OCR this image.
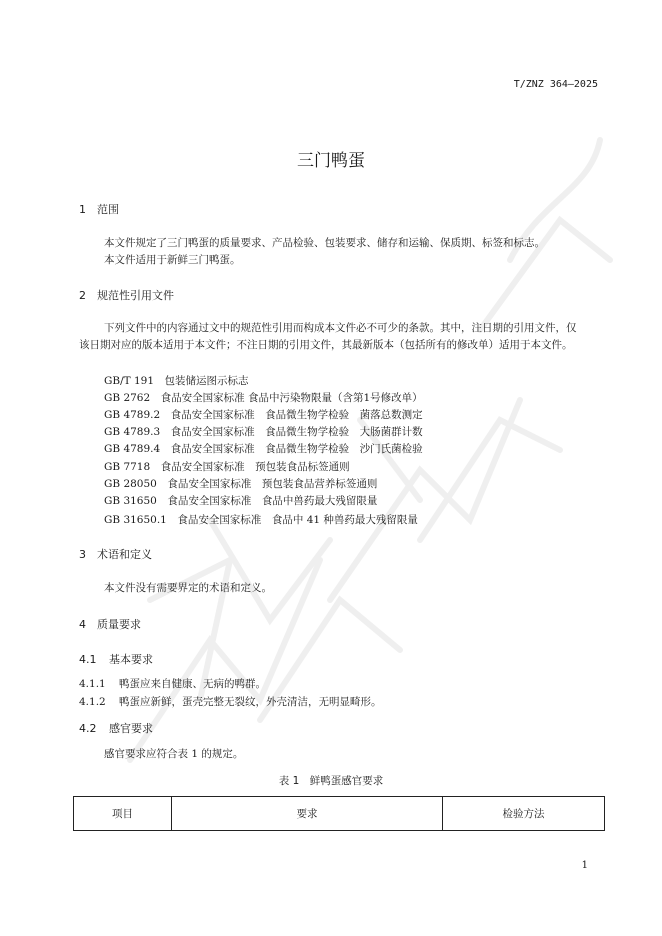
T/ZNZ 364—2025
三门鸭蛋
1 范围
本文件规定了三门鸭蛋的质量要求、产品检验、包装要求、储存和运输、保质期、标签和标志。
本文件适用于新鲜三门鸭蛋。
2 规范性引用文件
下列文件中的内容通过文中的规范性引用而构成本文件必不可少的条款。其中，注日期的引用文件，仅该日期对应的版本适用于本文件；不注日期的引用文件，其最新版本（包括所有的修改单）适用于本文件。
GB/T 191　包装储运图示标志
GB 2762　食品安全国家标准 食品中污染物限量（含第1号修改单）
GB 4789.2　食品安全国家标准　食品微生物学检验　菌落总数测定
GB 4789.3　食品安全国家标准　食品微生物学检验　大肠菌群计数
GB 4789.4　食品安全国家标准　食品微生物学检验　沙门氏菌检验
GB 7718　食品安全国家标准　预包装食品标签通则
GB 28050　食品安全国家标准　预包装食品营养标签通则
GB 31650　食品安全国家标准　食品中兽药最大残留限量
GB 31650.1　食品安全国家标准　食品中 41 种兽药最大残留限量
3 术语和定义
本文件没有需要界定的术语和定义。
4 质量要求
4.1 基本要求
4.1.1 鸭蛋应来自健康、无病的鸭群。
4.1.2 鸭蛋应新鲜，蛋壳完整无裂纹，外壳清洁，无明显畸形。
4.2 感官要求
感官要求应符合表 1 的规定。
表 1　鲜鸭蛋感官要求
项目	要求	检验方法
1
